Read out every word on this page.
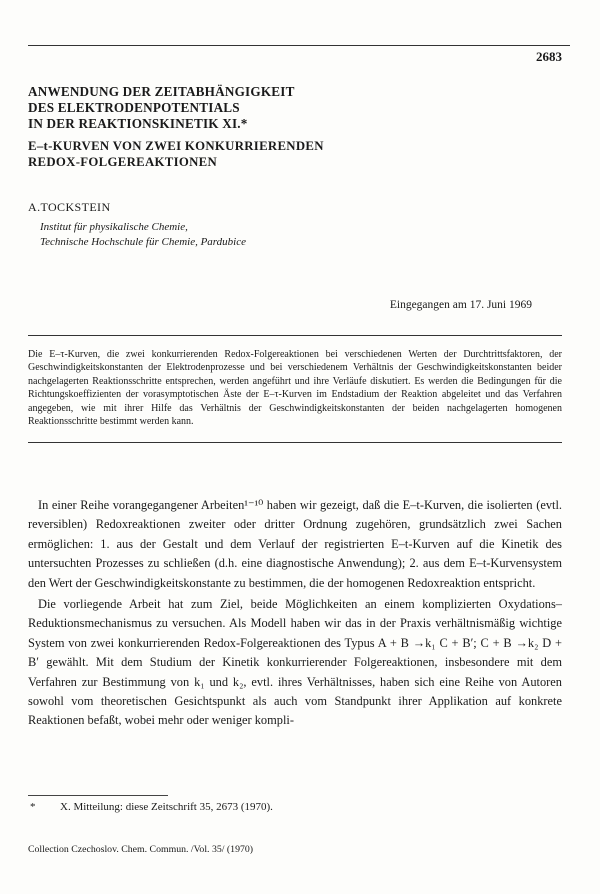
2683
ANWENDUNG DER ZEITABHÄNGIGKEIT
DES ELEKTRODENPOTENTIALS
IN DER REAKTIONSKINETIK XI.*
E–t-KURVEN VON ZWEI KONKURRIERENDEN
REDOX-FOLGEREAKTIONEN
A.TOCKSTEIN
Institut für physikalische Chemie,
Technische Hochschule für Chemie, Pardubice
Eingegangen am 17. Juni 1969
Die E–τ-Kurven, die zwei konkurrierenden Redox-Folgereaktionen bei verschiedenen Werten der Durchtrittsfaktoren, der Geschwindigkeitskonstanten der Elektrodenprozesse und bei verschiedenem Verhältnis der Geschwindigkeitskonstanten beider nachgelagerten Reaktionsschritte entsprechen, werden angeführt und ihre Verläufe diskutiert. Es werden die Bedingungen für die Richtungskoeffizienten der vorasymptotischen Äste der E–τ-Kurven im Endstadium der Reaktion abgeleitet und das Verfahren angegeben, wie mit ihrer Hilfe das Verhältnis der Geschwindigkeitskonstanten der beiden nachgelagerten homogenen Reaktionsschritte bestimmt werden kann.

In einer Reihe vorangegangener Arbeiten¹⁻¹⁰ haben wir gezeigt, daß die E–t-Kurven, die isolierten (evtl. reversiblen) Redoxreaktionen zweiter oder dritter Ordnung zugehören, grundsätzlich zwei Sachen ermöglichen: 1. aus der Gestalt und dem Verlauf der registrierten E–t-Kurven auf die Kinetik des untersuchten Prozesses zu schließen (d.h. eine diagnostische Anwendung); 2. aus dem E–t-Kurvensystem den Wert der Geschwindigkeitskonstante zu bestimmen, die der homogenen Redoxreaktion entspricht.

Die vorliegende Arbeit hat zum Ziel, beide Möglichkeiten an einem komplizierten Oxydations–Reduktionsmechanismus zu versuchen. Als Modell haben wir das in der Praxis verhältnismäßig wichtige System von zwei konkurrierenden Redox-Folgereaktionen des Typus A + B →k₁ C + B′; C + B →k₂ D + B′ gewählt. Mit dem Studium der Kinetik konkurrierender Folgereaktionen, insbesondere mit dem Verfahren zur Bestimmung von k₁ und k₂, evtl. ihres Verhältnisses, haben sich eine Reihe von Autoren sowohl vom theoretischen Gesichtspunkt als auch vom Standpunkt ihrer Applikation auf konkrete Reaktionen befaßt, wobei mehr oder weniger kompli-

* X. Mitteilung: diese Zeitschrift 35, 2673 (1970).
Collection Czechoslov. Chem. Commun. /Vol. 35/ (1970)
